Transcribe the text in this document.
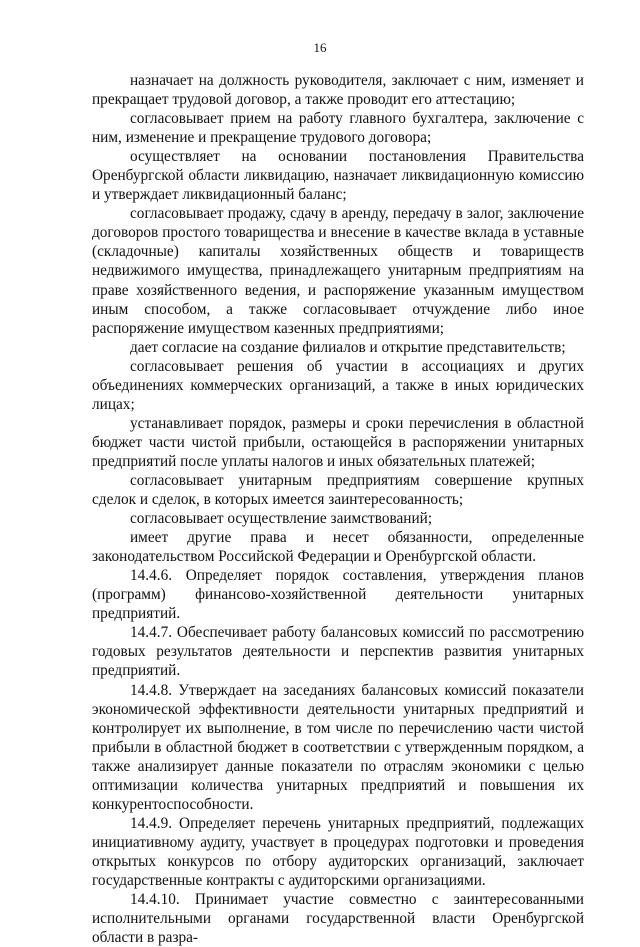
16

назначает на должность руководителя, заключает с ним, изменяет и прекращает трудовой договор, а также проводит его аттестацию;

согласовывает прием на работу главного бухгалтера, заключение с ним, изменение и прекращение трудового договора;

осуществляет на основании постановления Правительства Оренбургской области ликвидацию, назначает ликвидационную комиссию и утверждает ликвидационный баланс;

согласовывает продажу, сдачу в аренду, передачу в залог, заключение договоров простого товарищества и внесение в качестве вклада в уставные (складочные) капиталы хозяйственных обществ и товариществ недвижимого имущества, принадлежащего унитарным предприятиям на праве хозяйственного ведения, и распоряжение указанным имуществом иным способом, а также согласовывает отчуждение либо иное распоряжение имуществом казенных предприятиями;

дает согласие на создание филиалов и открытие представительств;

согласовывает решения об участии в ассоциациях и других объединениях коммерческих организаций, а также в иных юридических лицах;

устанавливает порядок, размеры и сроки перечисления в областной бюджет части чистой прибыли, остающейся в распоряжении унитарных предприятий после уплаты налогов и иных обязательных платежей;

согласовывает унитарным предприятиям совершение крупных сделок и сделок, в которых имеется заинтересованность;

согласовывает осуществление заимствований;

имеет другие права и несет обязанности, определенные законодательством Российской Федерации и Оренбургской области.

14.4.6. Определяет порядок составления, утверждения планов (программ) финансово-хозяйственной деятельности унитарных предприятий.

14.4.7. Обеспечивает работу балансовых комиссий по рассмотрению годовых результатов деятельности и перспектив развития унитарных предприятий.

14.4.8. Утверждает на заседаниях балансовых комиссий показатели экономической эффективности деятельности унитарных предприятий и контролирует их выполнение, в том числе по перечислению части чистой прибыли в областной бюджет в соответствии с утвержденным порядком, а также анализирует данные показатели по отраслям экономики с целью оптимизации количества унитарных предприятий и повышения их конкурентоспособности.

14.4.9. Определяет перечень унитарных предприятий, подлежащих инициативному аудиту, участвует в процедурах подготовки и проведения открытых конкурсов по отбору аудиторских организаций, заключает государственные контракты с аудиторскими организациями.

14.4.10. Принимает участие совместно с заинтересованными исполнительными органами государственной власти Оренбургской области в разра-
